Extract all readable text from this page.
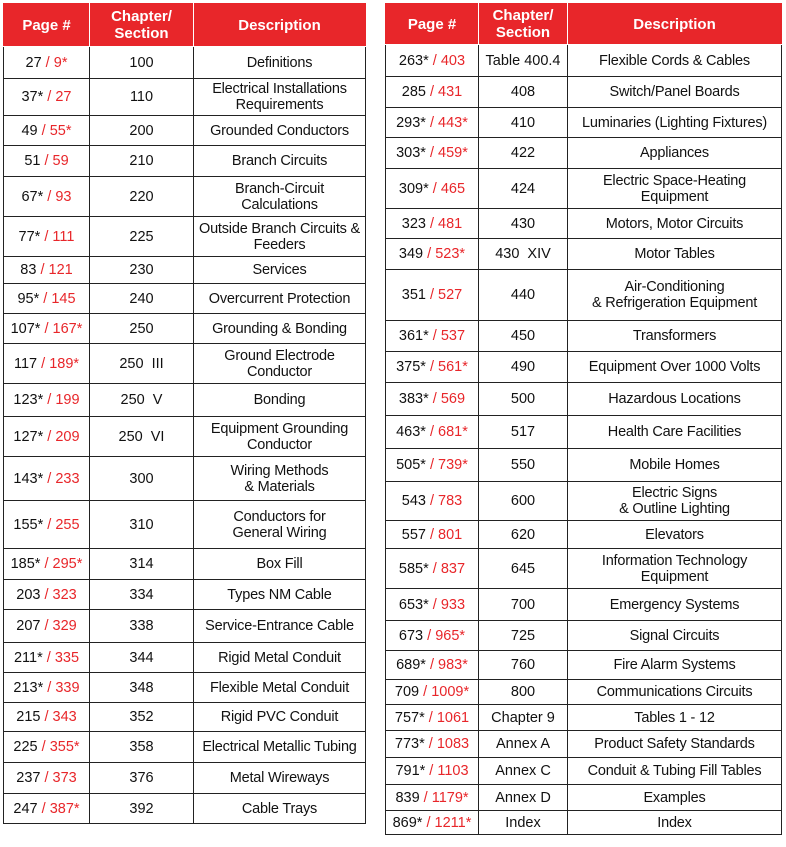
Page #	Chapter/
Section	Description
27 / 9*	100	Definitions

37* / 27	110	Electrical Installations
Requirements

49 / 55*	200	Grounded Conductors

51 / 59	210	Branch Circuits

67* / 93	220	Branch-Circuit
Calculations

77* / 111	225	Outside Branch Circuits &
Feeders

83 / 121	230	Services

95* / 145	240	Overcurrent Protection

107* / 167*	250	Grounding & Bonding

117 / 189*	250  III	Ground Electrode
Conductor

123* / 199	250  V	Bonding

127* / 209	250  VI	Equipment Grounding
Conductor

143* / 233	300	Wiring Methods
& Materials

155* / 255	310	Conductors for
General Wiring

185* / 295*	314	Box Fill

203 / 323	334	Types NM Cable

207 / 329	338	Service-Entrance Cable

211* / 335	344	Rigid Metal Conduit

213* / 339	348	Flexible Metal Conduit

215 / 343	352	Rigid PVC Conduit

225 / 355*	358	Electrical Metallic Tubing

237 / 373	376	Metal Wireways

247 / 387*	392	Cable Trays
Page #	Chapter/
Section	Description
263* / 403	Table 400.4	Flexible Cords & Cables

285 / 431	408	Switch/Panel Boards

293* / 443*	410	Luminaries (Lighting Fixtures)

303* / 459*	422	Appliances

309* / 465	424	Electric Space-Heating
Equipment

323 / 481	430	Motors, Motor Circuits

349 / 523*	430  XIV	Motor Tables

351 / 527	440	Air-Conditioning
& Refrigeration Equipment

361* / 537	450	Transformers

375* / 561*	490	Equipment Over 1000 Volts

383* / 569	500	Hazardous Locations

463* / 681*	517	Health Care Facilities

505* / 739*	550	Mobile Homes

543 / 783	600	Electric Signs
& Outline Lighting

557 / 801	620	Elevators

585* / 837	645	Information Technology
Equipment

653* / 933	700	Emergency Systems

673 / 965*	725	Signal Circuits

689* / 983*	760	Fire Alarm Systems

709 / 1009*	800	Communications Circuits

757* / 1061	Chapter 9	Tables 1 - 12

773* / 1083	Annex A	Product Safety Standards

791* / 1103	Annex C	Conduit & Tubing Fill Tables

839 / 1179*	Annex D	Examples

869* / 1211*	Index	Index
